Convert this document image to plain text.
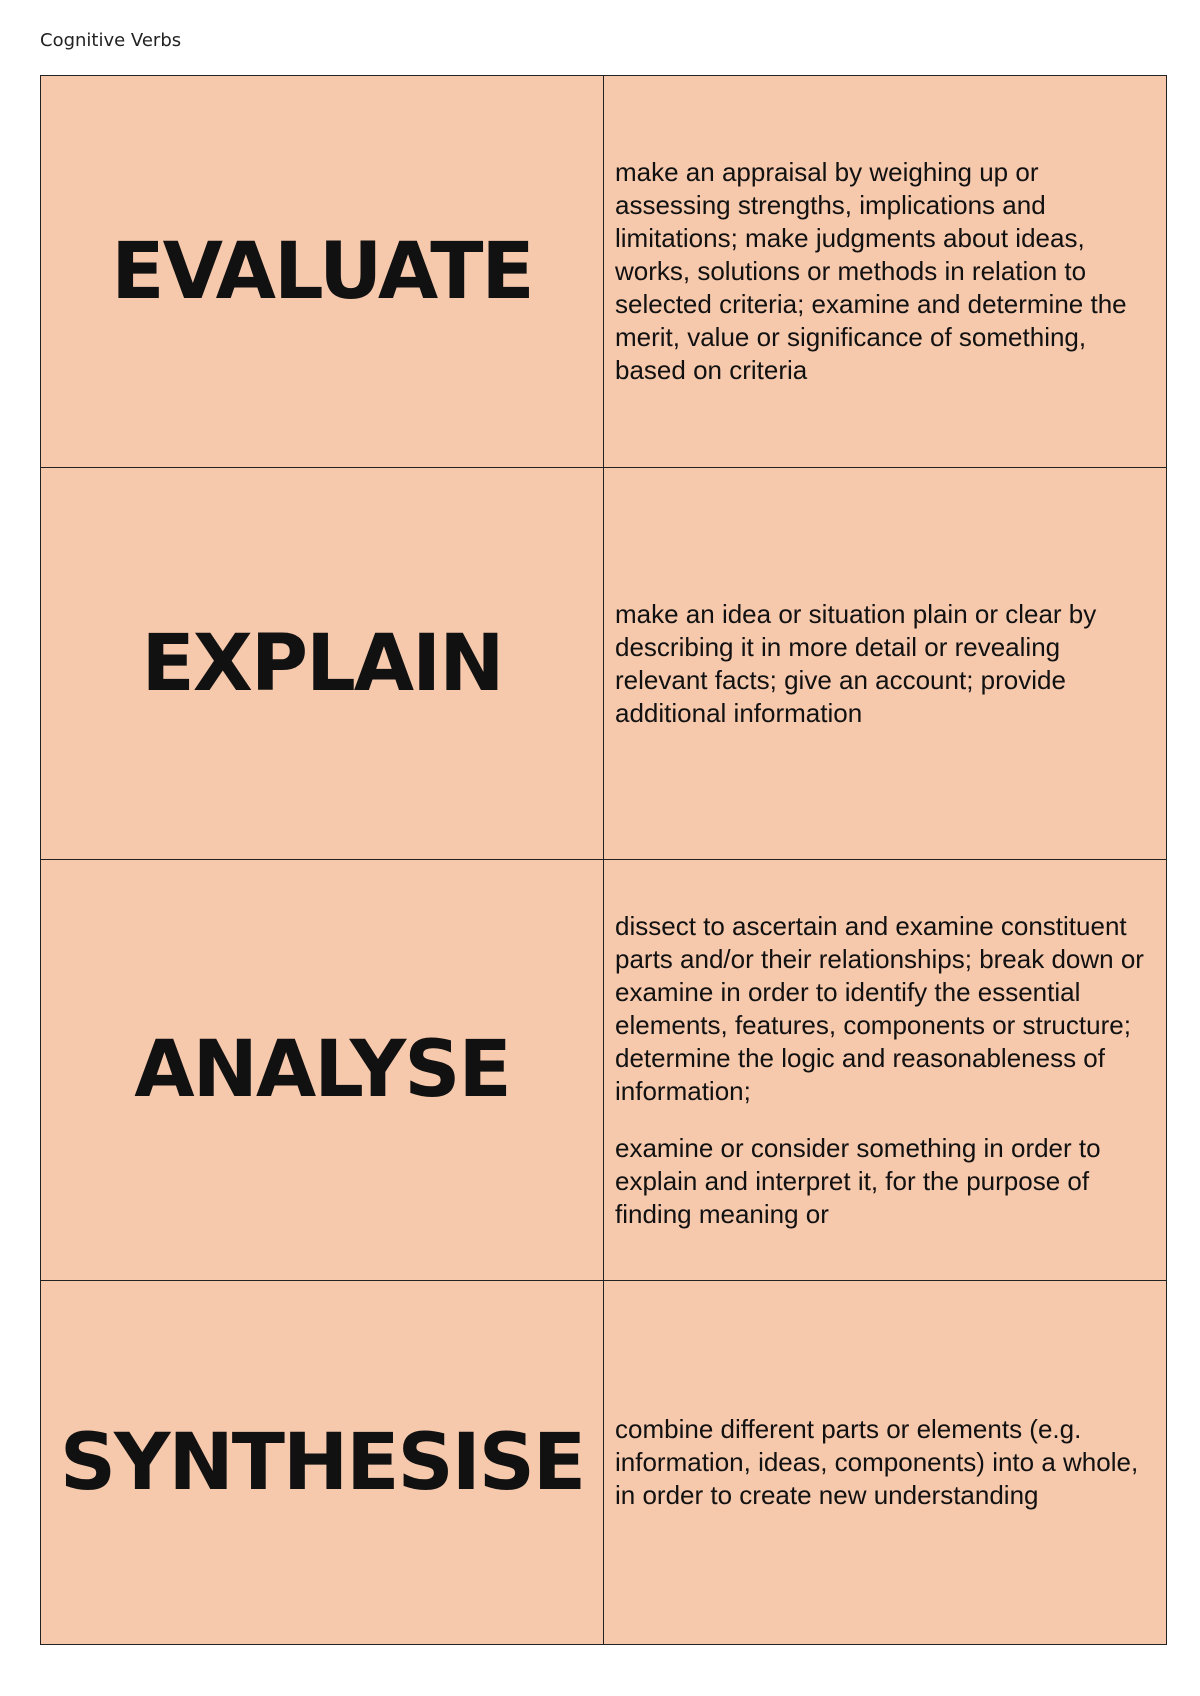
Cognitive Verbs
EVALUATE	make an appraisal by weighing up or assessing strengths, implications and limitations; make judgments about ideas, works, solutions or methods in relation to selected criteria; examine and determine the merit, value or significance of something, based on criteria

EXPLAIN	make an idea or situation plain or clear by describing it in more detail or revealing relevant facts; give an account; provide additional information

ANALYSE	dissect to ascertain and examine constituent parts and/or their relationships; break down or examine in order to identify the essential elements, features, components or structure; determine the logic and reasonableness of information;

examine or consider something in order to explain and interpret it, for the purpose of finding meaning or

SYNTHESISE	combine different parts or elements (e.g. information, ideas, components) into a whole, in order to create new understanding
